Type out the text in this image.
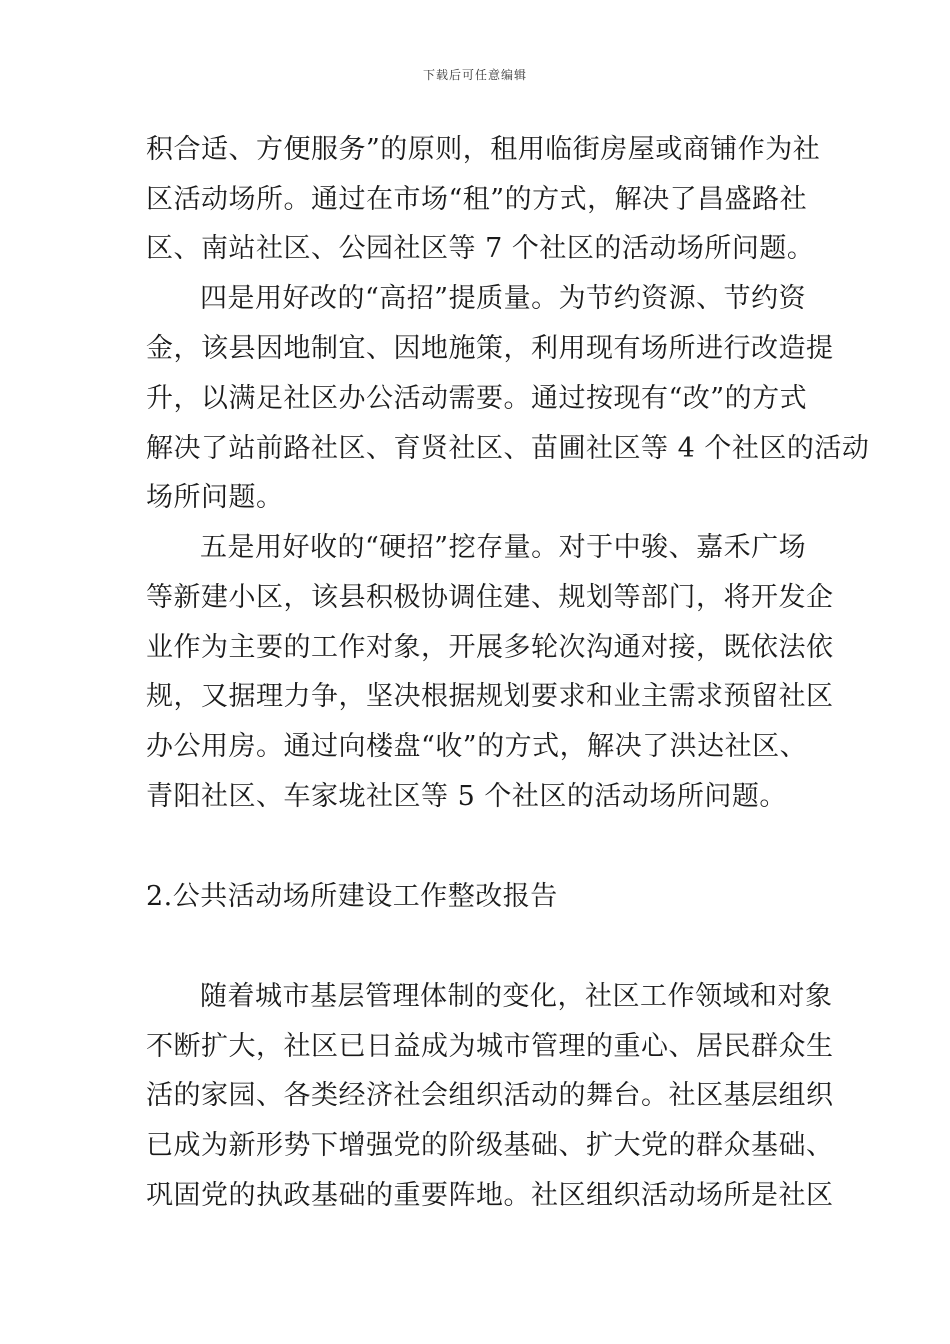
下载后可任意编辑
积合适、方便服务”的原则，租用临街房屋或商铺作为社
区活动场所。通过在市场“租”的方式，解决了昌盛路社
区、南站社区、公园社区等 7 个社区的活动场所问题。
四是用好改的“高招”提质量。为节约资源、节约资
金，该县因地制宜、因地施策，利用现有场所进行改造提
升，以满足社区办公活动需要。通过按现有“改”的方式
解决了站前路社区、育贤社区、苗圃社区等 4 个社区的活动
场所问题。
五是用好收的“硬招”挖存量。对于中骏、嘉禾广场
等新建小区，该县积极协调住建、规划等部门，将开发企
业作为主要的工作对象，开展多轮次沟通对接，既依法依
规，又据理力争，坚决根据规划要求和业主需求预留社区
办公用房。通过向楼盘“收”的方式，解决了洪达社区、
青阳社区、车家垅社区等 5 个社区的活动场所问题。
2.公共活动场所建设工作整改报告
随着城市基层管理体制的变化，社区工作领域和对象
不断扩大，社区已日益成为城市管理的重心、居民群众生
活的家园、各类经济社会组织活动的舞台。社区基层组织
已成为新形势下增强党的阶级基础、扩大党的群众基础、
巩固党的执政基础的重要阵地。社区组织活动场所是社区
